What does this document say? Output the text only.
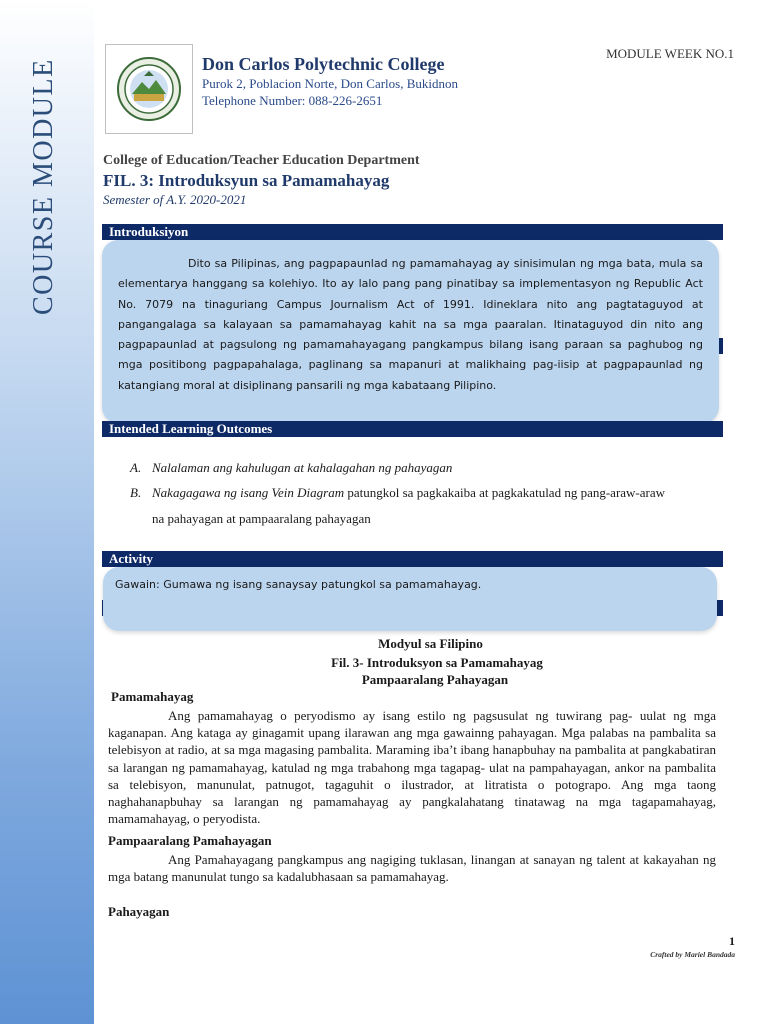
COURSE MODULE	Don Carlos Polytechnic College
Purok 2, Poblacion Norte, Don Carlos, Bukidnon
Telephone Number: 088-226-2651
MODULE WEEK NO.1
College of Education/Teacher Education Department
FIL. 3: Introduksyun sa Pamamahayag
Semester of A.Y. 2020-2021
Introduksiyon

Dito sa Pilipinas, ang pagpapaunlad ng pamamahayag ay sinisimulan ng mga bata, mula sa elementarya hanggang sa kolehiyo. Ito ay lalo pang pang pinatibay sa implementasyon ng Republic Act No. 7079 na tinaguriang Campus Journalism Act of 1991. Idineklara nito ang pagtataguyod at pangangalaga sa kalayaan sa pamamahayag kahit na sa mga paaralan. Itinataguyod din nito ang pagpapaunlad at pagsulong ng pamamahayagang pangkampus bilang isang paraan sa paghubog ng mga positibong pagpapahalaga, paglinang sa mapanuri at malikhaing pag-iisip at pagpapaunlad ng katangiang moral at disiplinang pansarili ng mga kabataang Pilipino.

Intended Learning Outcomes
A. Nalalaman ang kahulugan at kahalagahan ng pahayagan
B. Nakagagawa ng isang Vein Diagram patungkol sa pagkakaiba at pagkakatulad ng pang-araw-araw
na pahayagan at pampaaralang pahayagan
Activity

Gawain: Gumawa ng isang sanaysay patungkol sa pamamahayag.

Modyul sa Filipino
Fil. 3- Introduksyon sa Pamamahayag
Pampaaralang Pahayagan
Pamamahayag

Ang pamamahayag o peryodismo ay isang estilo ng pagsusulat ng tuwirang pag- uulat ng mga kaganapan. Ang kataga ay ginagamit upang ilarawan ang mga gawainng pahayagan. Mga palabas na pambalita sa telebisyon at radio, at sa mga magasing pambalita. Maraming iba’t ibang hanapbuhay na pambalita at pangkabatiran sa larangan ng pamamahayag, katulad ng mga trabahong mga tagapag- ulat na pampahayagan, ankor na pambalita sa telebisyon, manunulat, patnugot, tagaguhit o ilustrador, at litratista o potograpo. Ang mga taong naghahanapbuhay sa larangan ng pamamahayag ay pangkalahatang tinatawag na mga tagapamahayag, mamamahayag, o peryodista.

Pampaaralang Pamahayagan

Ang Pamahayagang pangkampus ang nagiging tuklasan, linangan at sanayan ng talent at kakayahan ng mga batang manunulat tungo sa kadalubhasaan sa pamamahayag.

Pahayagan
1
Crafted by Mariel Bandada
